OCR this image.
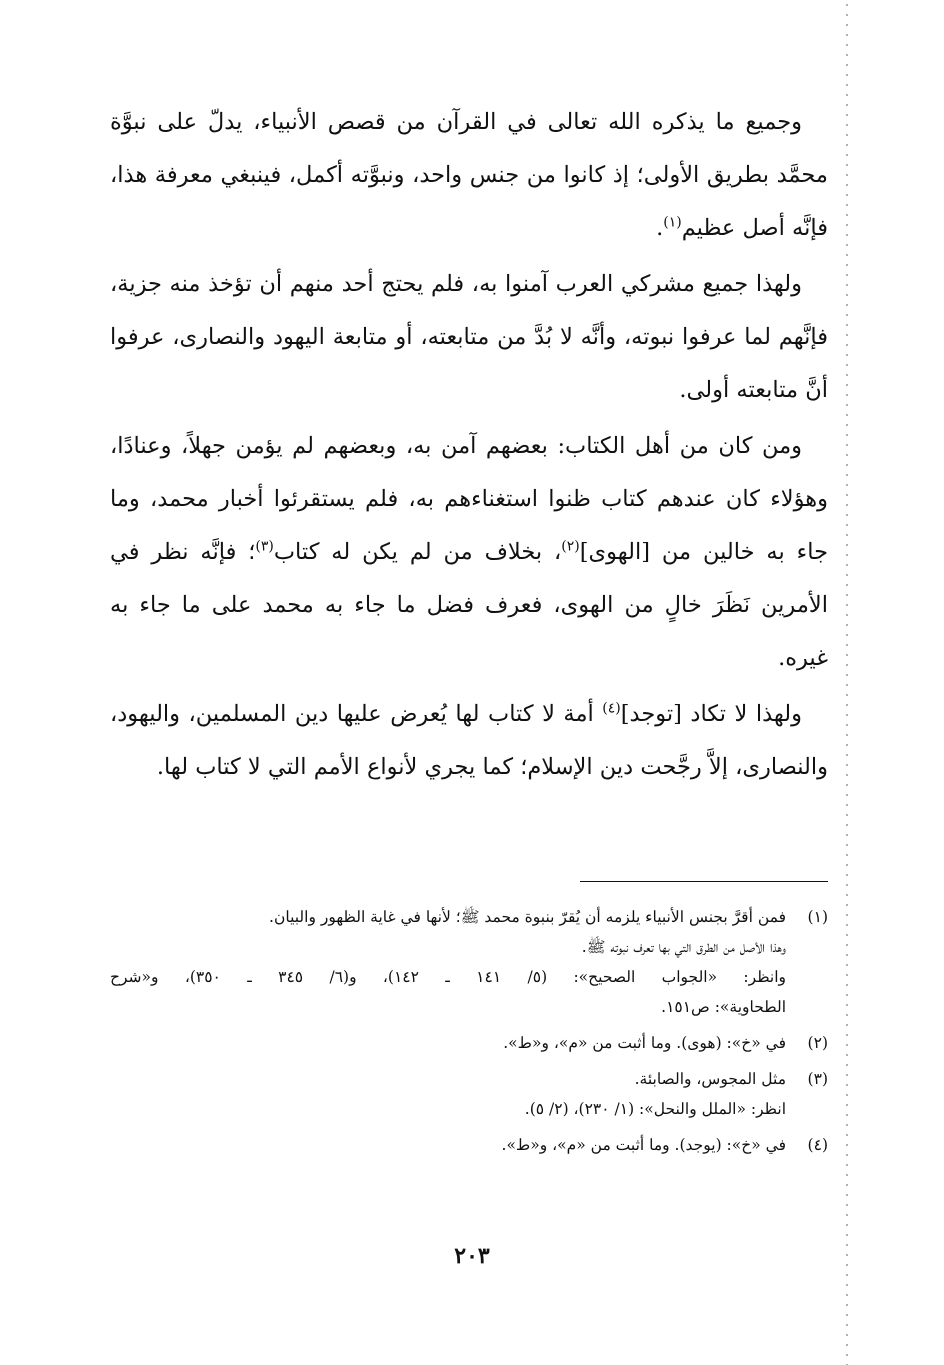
وجميع ما يذكره الله تعالى في القرآن من قصص الأنبياء، يدلّ على نبوَّة محمَّد بطريق الأولى؛ إذ كانوا من جنس واحد، ونبوَّته أكمل، فينبغي معرفة هذا، فإنَّه أصل عظيم$^{(١)}$.

ولهذا جميع مشركي العرب آمنوا به، فلم يحتج أحد منهم أن تؤخذ منه جزية، فإنَّهم لما عرفوا نبوته، وأنَّه لا بُدَّ من متابعته، أو متابعة اليهود والنصارى، عرفوا أنَّ متابعته أولى.

ومن كان من أهل الكتاب: بعضهم آمن به، وبعضهم لم يؤمن جهلاً، وعنادًا، وهؤلاء كان عندهم كتاب ظنوا استغناءهم به، فلم يستقرئوا أخبار محمد، وما جاء به خالين من [الهوى]$^{(٢)}$، بخلاف من لم يكن له كتاب$^{(٣)}$؛ فإنَّه نظر في الأمرين نَظَرَ خالٍ من الهوى، فعرف فضل ما جاء به محمد على ما جاء به غيره.

ولهذا لا تكاد [توجد]$^{(٤)}$ أمة لا كتاب لها يُعرض عليها دين المسلمين، واليهود، والنصارى، إلاَّ رجَّحت دين الإسلام؛ كما يجري لأنواع الأمم التي لا كتاب لها.

(١)

فمن أقرَّ بجنس الأنبياء يلزمه أن يُقرّ بنبوة محمد ﷺ؛ لأنها في غاية الظهور والبيان.

وهذا الأصل من الطرق التي بها تعرف نبوته ﷺ.

وانظر: «الجواب الصحيح»: (٥/ ١٤١ ـ ١٤٢)، و(٦/ ٣٤٥ ـ ٣٥٠)، و«شرح

الطحاوية»: ص١٥١.

(٢)

في «خ»: (هوى). وما أثبت من «م»، و«ط».

(٣)

مثل المجوس، والصابئة.

انظر: «الملل والنحل»: (١/ ٢٣٠)، (٢/ ٥).

(٤)

في «خ»: (يوجد). وما أثبت من «م»، و«ط».

٢٠٣
